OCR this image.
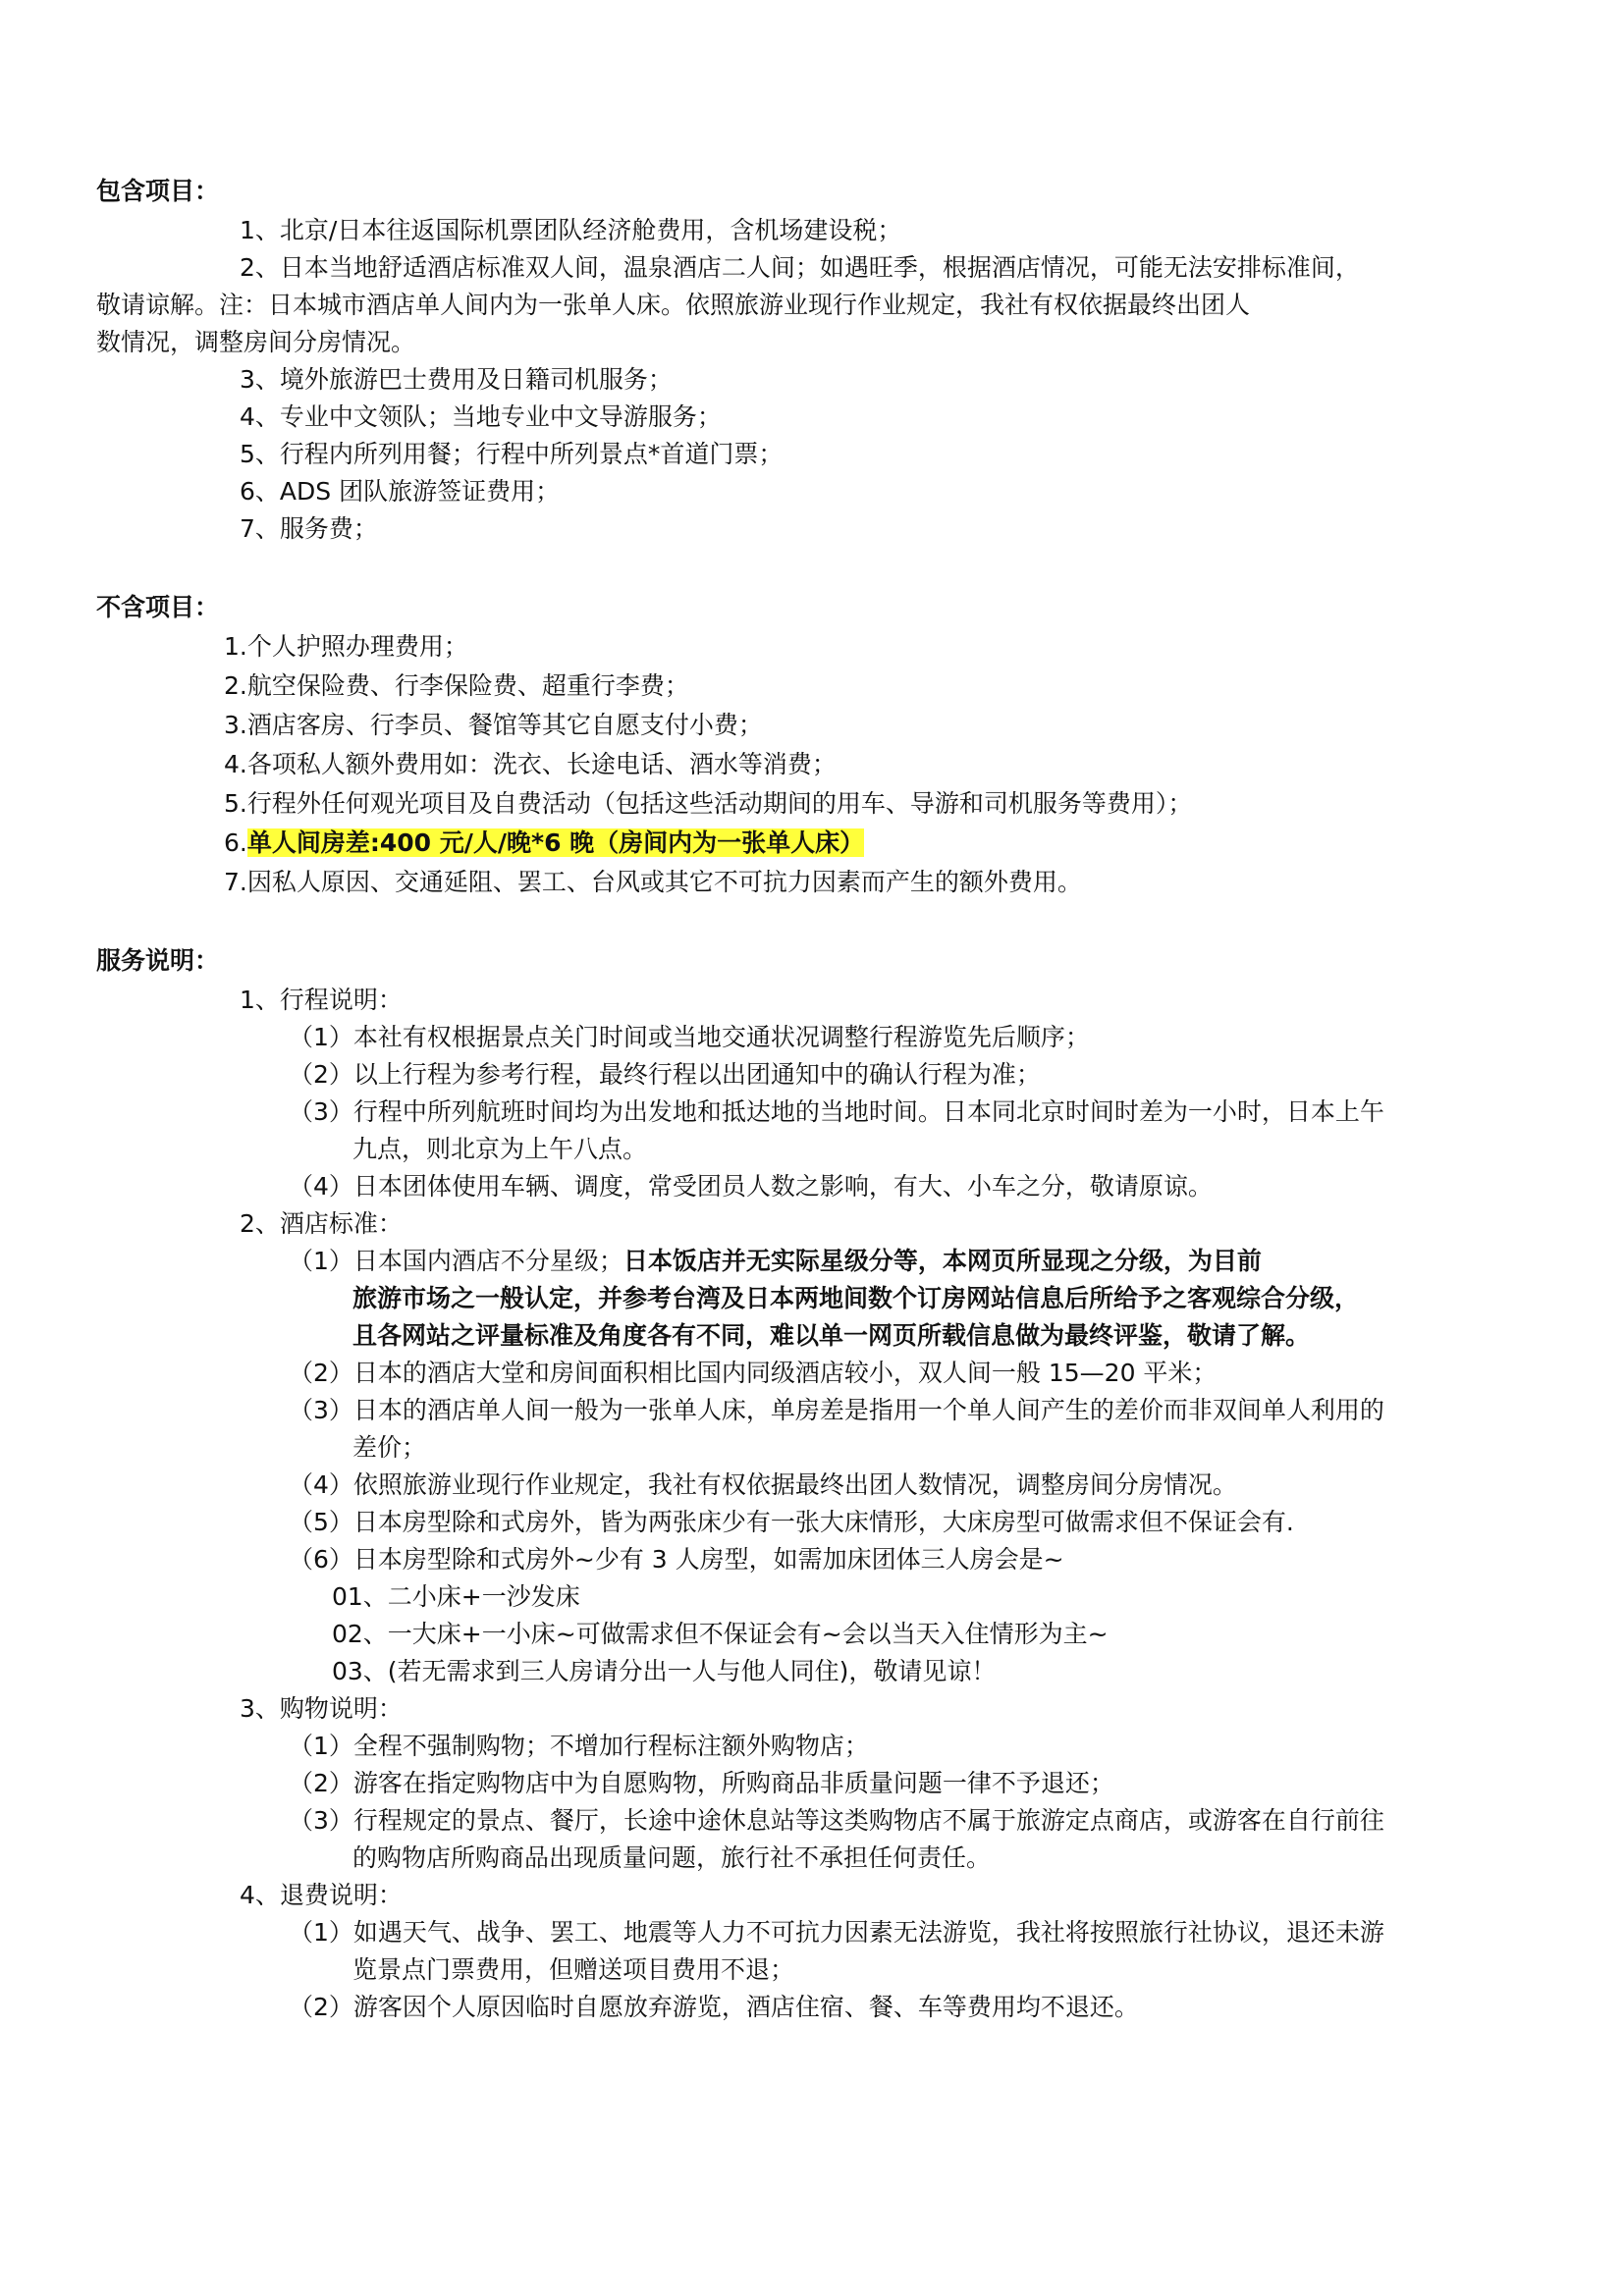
包含项目：
1、北京/日本往返国际机票团队经济舱费用，含机场建设税；
2、日本当地舒适酒店标准双人间，温泉酒店二人间；如遇旺季，根据酒店情况，可能无法安排标准间，
敬请谅解。注：日本城市酒店单人间内为一张单人床。依照旅游业现行作业规定，我社有权依据最终出团人
数情况，调整房间分房情况。
3、境外旅游巴士费用及日籍司机服务；
4、专业中文领队；当地专业中文导游服务；
5、行程内所列用餐；行程中所列景点*首道门票；
6、ADS 团队旅游签证费用；
7、服务费；
不含项目：
1.个人护照办理费用；
2.航空保险费、行李保险费、超重行李费；
3.酒店客房、行李员、餐馆等其它自愿支付小费；
4.各项私人额外费用如：洗衣、长途电话、酒水等消费；
5.行程外任何观光项目及自费活动（包括这些活动期间的用车、导游和司机服务等费用）；
6.单人间房差:400 元/人/晚*6 晚（房间内为一张单人床）
7.因私人原因、交通延阻、罢工、台风或其它不可抗力因素而产生的额外费用。
服务说明：
1、行程说明：
（1）本社有权根据景点关门时间或当地交通状况调整行程游览先后顺序；
（2）以上行程为参考行程，最终行程以出团通知中的确认行程为准；
（3）行程中所列航班时间均为出发地和抵达地的当地时间。日本同北京时间时差为一小时，日本上午
九点，则北京为上午八点。
（4）日本团体使用车辆、调度，常受团员人数之影响，有大、小车之分，敬请原谅。
2、酒店标准：
（1）日本国内酒店不分星级；日本饭店并无实际星级分等，本网页所显现之分级，为目前
旅游市场之一般认定，并参考台湾及日本两地间数个订房网站信息后所给予之客观综合分级，
且各网站之评量标准及角度各有不同，难以单一网页所载信息做为最终评鉴，敬请了解。
（2）日本的酒店大堂和房间面积相比国内同级酒店较小，双人间一般 15—20 平米；
（3）日本的酒店单人间一般为一张单人床，单房差是指用一个单人间产生的差价而非双间单人利用的
差价；
（4）依照旅游业现行作业规定，我社有权依据最终出团人数情况，调整房间分房情况。
（5）日本房型除和式房外，皆为两张床少有一张大床情形，大床房型可做需求但不保证会有.
（6）日本房型除和式房外~少有 3 人房型，如需加床团体三人房会是~
01、二小床+一沙发床
02、一大床+一小床~可做需求但不保证会有~会以当天入住情形为主~
03、(若无需求到三人房请分出一人与他人同住)，敬请见谅！
3、购物说明：
（1）全程不强制购物；不增加行程标注额外购物店；
（2）游客在指定购物店中为自愿购物，所购商品非质量问题一律不予退还；
（3）行程规定的景点、餐厅，长途中途休息站等这类购物店不属于旅游定点商店，或游客在自行前往
的购物店所购商品出现质量问题，旅行社不承担任何责任。
4、退费说明：
（1）如遇天气、战争、罢工、地震等人力不可抗力因素无法游览，我社将按照旅行社协议，退还未游
览景点门票费用，但赠送项目费用不退；
（2）游客因个人原因临时自愿放弃游览，酒店住宿、餐、车等费用均不退还。
